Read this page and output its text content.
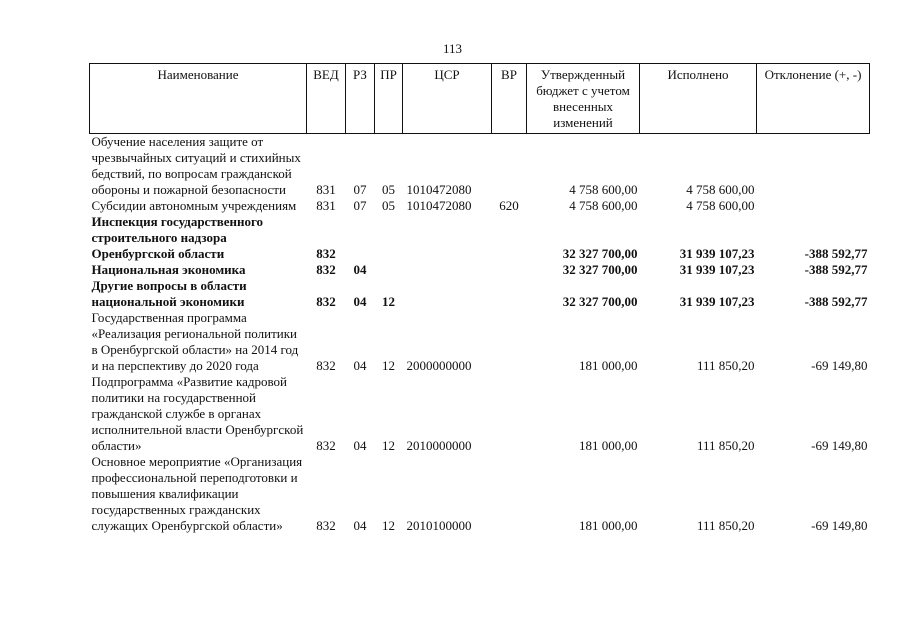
113
Наименование	ВЕД	РЗ	ПР	ЦСР	ВР	Утвержденный бюджет с учетом внесенных изменений	Исполнено	Отклонение (+, -)
Обучение населения защите от чрезвычайных ситуаций и стихийных бедствий, по вопросам гражданской обороны и пожарной безопасности	831	07	05	1010472080		4 758 600,00	4 758 600,00	
Субсидии автономным учреждениям	831	07	05	1010472080	620	4 758 600,00	4 758 600,00	
Инспекция государственного строительного надзора Оренбургской области	832					32 327 700,00	31 939 107,23	-388 592,77
Национальная экономика	832	04				32 327 700,00	31 939 107,23	-388 592,77
Другие вопросы в области национальной экономики	832	04	12			32 327 700,00	31 939 107,23	-388 592,77
Государственная программа «Реализация региональной политики в Оренбургской области» на 2014 год и на перспективу до 2020 года	832	04	12	2000000000		181 000,00	111 850,20	-69 149,80
Подпрограмма «Развитие кадровой политики на государственной гражданской службе в органах исполнительной власти Оренбургской области»	832	04	12	2010000000		181 000,00	111 850,20	-69 149,80
Основное мероприятие «Организация профессиональной переподготовки и повышения квалификации государственных гражданских служащих Оренбургской области»	832	04	12	2010100000		181 000,00	111 850,20	-69 149,80
